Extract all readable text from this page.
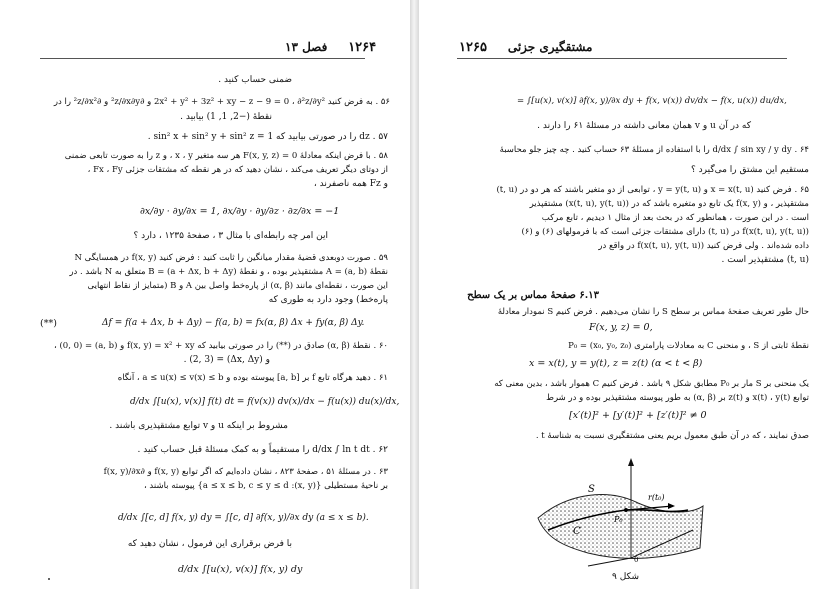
۱۲۶۴     فصل ۱۳
ضمنی حساب کنید .
۵۶ . به فرض کنید 2x² + y² + 3z² + xy − z − 9 = 0 ، ∂²z/∂y² و ∂²z/∂x∂y و ∂²z/∂x² را در
نقطهٔ (−2, 1, 1) بیابید .
۵۷ . dz را در صورتی بیابید که sin² x + sin² y + sin² z = 1 .
۵۸ . با فرض اینکه معادلهٔ F(x, y, z) = 0 هر سه متغیر x ، y ، و z را به صورت تابعی ضمنی
از دوتای دیگر تعریف می‌کند ، نشان دهید که در هر نقطه که مشتقات جزئی Fx ، Fy ،
و Fz همه ناصفرند ،
∂x/∂y · ∂y/∂x = 1, ∂x/∂y · ∂y/∂z · ∂z/∂x = −1
این امر چه رابطه‌ای با مثال ۳ ، صفحهٔ ۱۲۳۵ ، دارد ؟
۵۹ . صورت دوبعدی قضیهٔ مقدار میانگین را ثابت کنید : فرض کنید f(x, y) در همسایگی N
نقطهٔ A = (a, b) مشتقپذیر بوده ، و نقطهٔ B = (a + Δx, b + Δy) متعلق به N باشد . در
این صورت ، نقطه‌ای مانند (α, β) از پاره‌خط واصل بین A و B (متمایز از نقاط انتهایی
پاره‌خط) وجود دارد به طوری که
Δf = f(a + Δx, b + Δy) − f(a, b) = fx(α, β) Δx + fy(α, β) Δy.
(**)
۶۰ . نقطهٔ (α, β) صادق در (**) را در صورتی بیابید که f(x, y) = x² + xy و (a, b) = (0, 0) ،
و (Δx, Δy) = (2, 3) .
۶۱ . دهید هرگاه تابع f بر [a, b] پیوسته بوده و a ≤ u(x) ≤ v(x) ≤ b ، آنگاه
d/dx ∫[u(x), v(x)] f(t) dt = f(v(x)) dv(x)/dx − f(u(x)) du(x)/dx,
مشروط بر اینکه u و v توابع مشتقپذیری باشند .
۶۲ . d/dx ∫ ln t dt را مستقیماً و به کمک مسئلهٔ قبل حساب کنید .
۶۳ . در مسئلهٔ ۵۱ ، صفحهٔ ۸۲۳ ، نشان داده‌ایم که اگر توابع f(x, y) و ∂f(x, y)/∂x
بر ناحیهٔ مستطیلی {(x, y): a ≤ x ≤ b, c ≤ y ≤ d} پیوسته باشند ،
d/dx ∫[c, d] f(x, y) dy = ∫[c, d] ∂f(x, y)/∂x dy (a ≤ x ≤ b).
با فرض برقراری این فرمول ، نشان دهید که
d/dx ∫[u(x), v(x)] f(x, y) dy
مشتقگیری جزئی     ۱۲۶۵
= ∫[u(x), v(x)] ∂f(x, y)/∂x dy + f(x, v(x)) dv/dx − f(x, u(x)) du/dx,
که در آن u و v همان معانی داشته در مسئلهٔ ۶۱ را دارند .
۶۴ . d/dx ∫ sin xy / y dy را با استفاده از مسئلهٔ ۶۳ حساب کنید . چه چیز جلو محاسبهٔ
مستقیم این مشتق را می‌گیرد ؟
۶۵ . فرض کنید x = x(t, u) و y = y(t, u) ، توابعی از دو متغیر باشند که هر دو در (t, u)
مشتقپذیر ، و f(x, y) یک تابع دو متغیره باشد که در (x(t, u), y(t, u)) مشتقپذیر
است . در این صورت ، همانطور که در بحث بعد از مثال ۱ دیدیم ، تابع مرکب
f(x(t, u), y(t, u)) در (t, u) دارای مشتقات جزئی است که با فرمولهای (۶) و (۶)
داده شده‌اند . ولی فرض کنید f(x(t, u), y(t, u)) در واقع در
(t, u) مشتقپذیر است .
۶.۱۳ صفحهٔ مماس بر یک سطح
حال طور تعریف صفحهٔ مماس بر سطح S را نشان می‌دهیم . فرض کنیم S نمودار معادلهٔ
F(x, y, z) = 0,
نقطهٔ ثابتی از S ، و منحنی C به معادلات پارامتری P₀ = (x₀, y₀, z₀)
x = x(t), y = y(t), z = z(t) (α < t < β)
یک منحنی بر S مار بر P₀ مطابق شکل ۹ باشد . فرض کنیم C هموار باشد ، بدین معنی که
توابع x(t) ، y(t) و z(t) بر (α, β) به طور پیوسته مشتقپذیر بوده و در شرط
[x′(t)]² + [y′(t)]² + [z′(t)]² ≠ 0
صدق نمایند ، که در آن طبق معمول بریم یعنی مشتقگیری نسبت به شناسهٔ t .
S
r(t₀)
C
P₀
0
شکل ۹
